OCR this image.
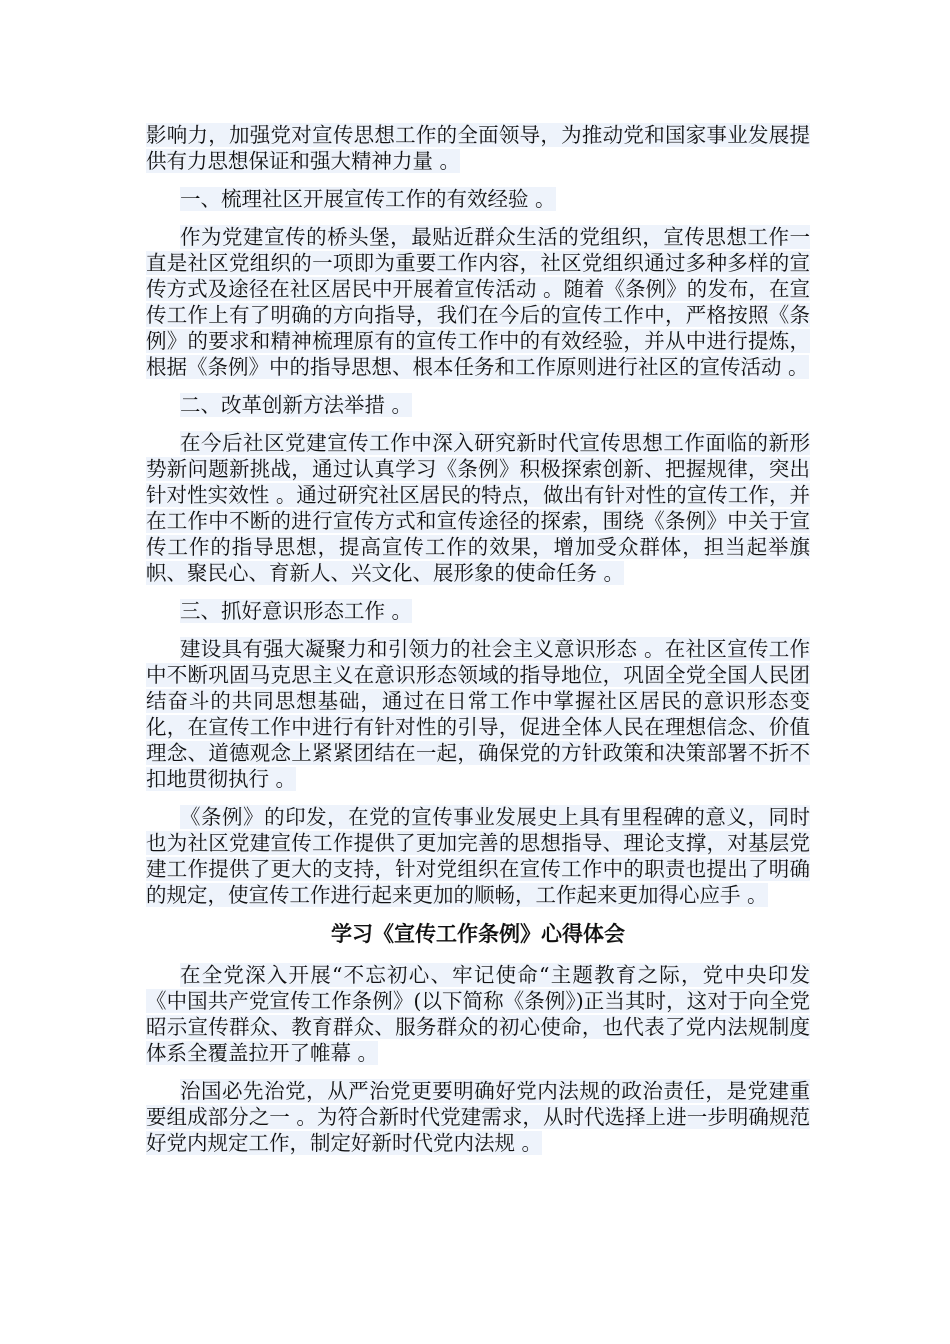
影响力，加强党对宣传思想工作的全面领导，为推动党和国家事业发展提供有力思想保证和强大精神力量 。

一、梳理社区开展宣传工作的有效经验 。

作为党建宣传的桥头堡，最贴近群众生活的党组织，宣传思想工作一直是社区党组织的一项即为重要工作内容，社区党组织通过多种多样的宣传方式及途径在社区居民中开展着宣传活动 。随着《条例》的发布，在宣传工作上有了明确的方向指导，我们在今后的宣传工作中，严格按照《条例》的要求和精神梳理原有的宣传工作中的有效经验，并从中进行提炼，根据《条例》中的指导思想、根本任务和工作原则进行社区的宣传活动 。

二、改革创新方法举措 。

在今后社区党建宣传工作中深入研究新时代宣传思想工作面临的新形势新问题新挑战，通过认真学习《条例》积极探索创新、把握规律，突出针对性实效性 。通过研究社区居民的特点，做出有针对性的宣传工作，并在工作中不断的进行宣传方式和宣传途径的探索，围绕《条例》中关于宣传工作的指导思想，提高宣传工作的效果，增加受众群体，担当起举旗帜、聚民心、育新人、兴文化、展形象的使命任务 。

三、抓好意识形态工作 。

建设具有强大凝聚力和引领力的社会主义意识形态 。在社区宣传工作中不断巩固马克思主义在意识形态领域的指导地位，巩固全党全国人民团结奋斗的共同思想基础，通过在日常工作中掌握社区居民的意识形态变化，在宣传工作中进行有针对性的引导，促进全体人民在理想信念、价值理念、道德观念上紧紧团结在一起，确保党的方针政策和决策部署不折不扣地贯彻执行 。

《条例》的印发，在党的宣传事业发展史上具有里程碑的意义，同时也为社区党建宣传工作提供了更加完善的思想指导、理论支撑，对基层党建工作提供了更大的支持，针对党组织在宣传工作中的职责也提出了明确的规定，使宣传工作进行起来更加的顺畅，工作起来更加得心应手 。

学习《宣传工作条例》心得体会

在全党深入开展“不忘初心、牢记使命“主题教育之际，党中央印发《中国共产党宣传工作条例》(以下简称《条例》)正当其时，这对于向全党昭示宣传群众、教育群众、服务群众的初心使命，也代表了党内法规制度体系全覆盖拉开了帷幕 。

治国必先治党，从严治党更要明确好党内法规的政治责任，是党建重要组成部分之一 。为符合新时代党建需求，从时代选择上进一步明确规范好党内规定工作，制定好新时代党内法规 。
